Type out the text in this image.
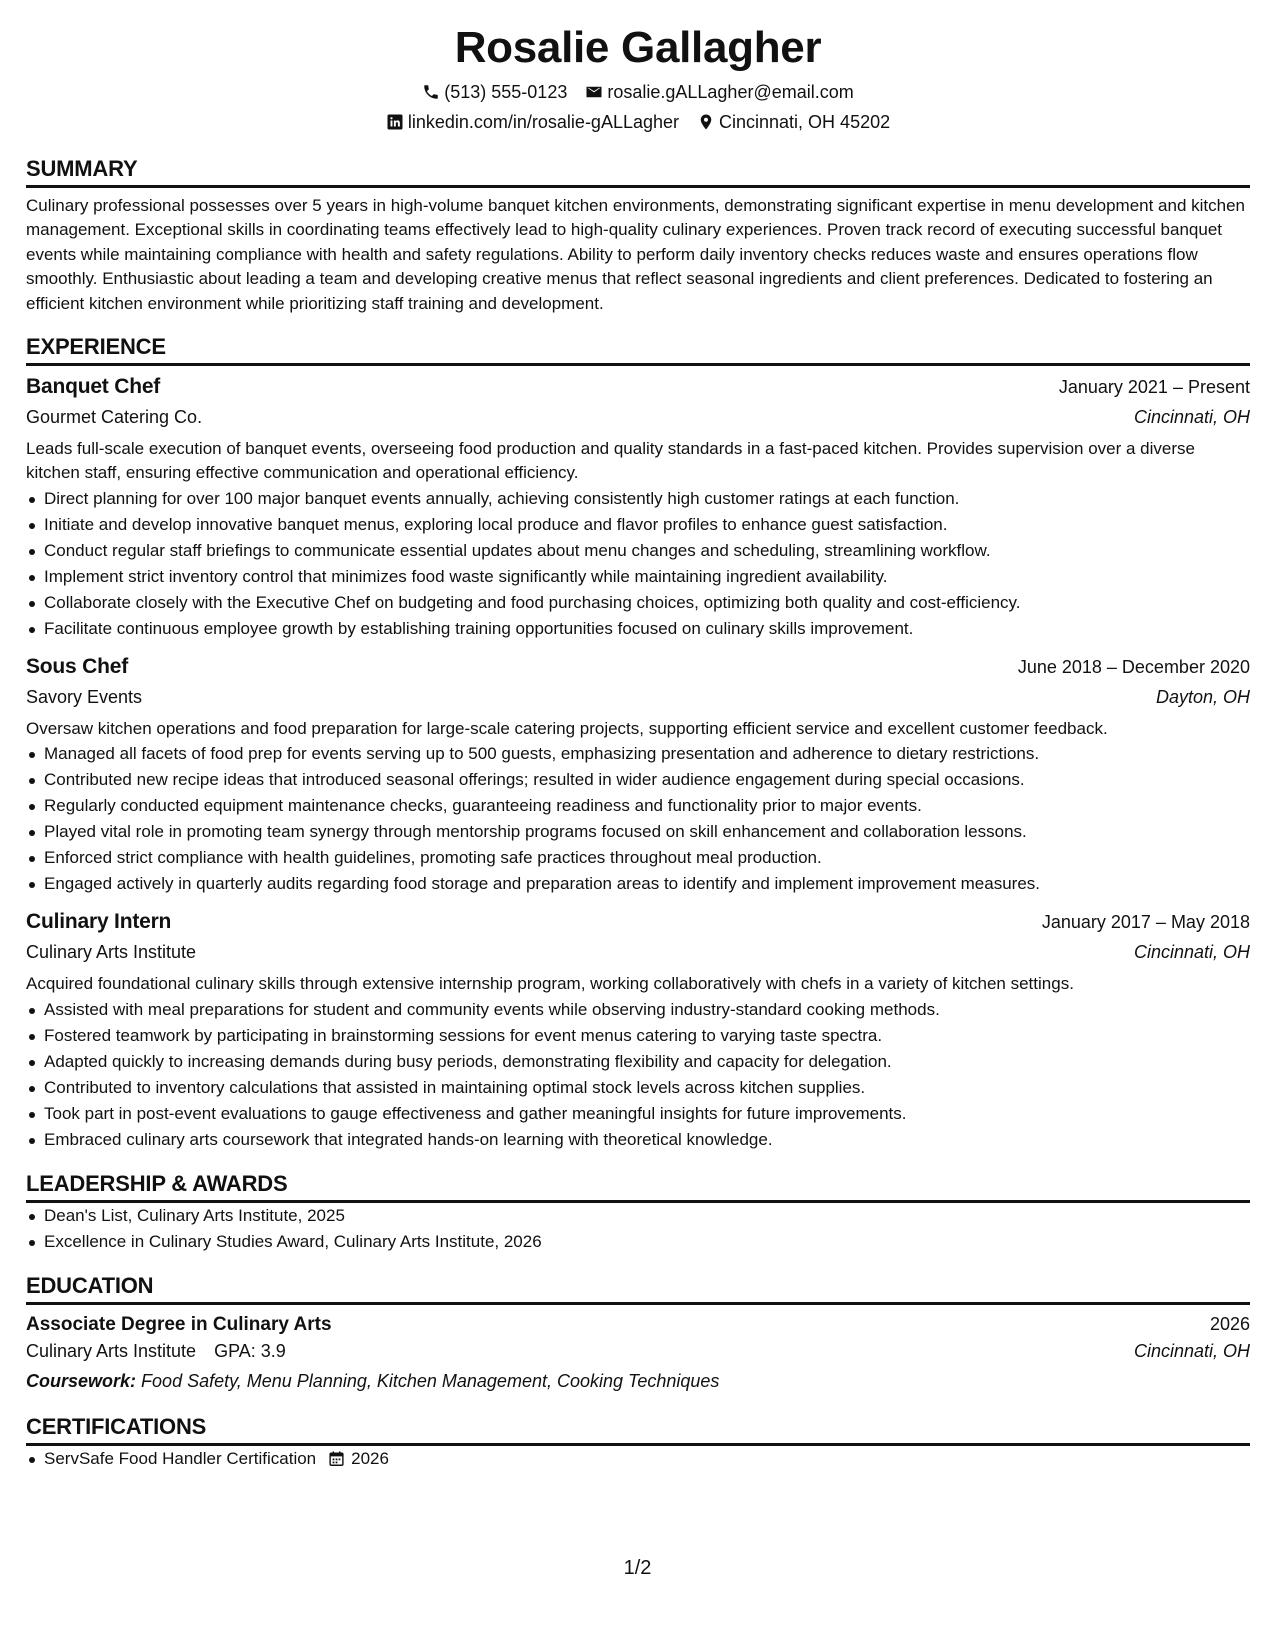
Rosalie Gallagher
(513) 555-0123 rosalie.gALLagher@email.com
linkedin.com/in/rosalie-gALLagher Cincinnati, OH 45202
SUMMARY

Culinary professional possesses over 5 years in high-volume banquet kitchen environments, demonstrating significant expertise in menu development and kitchen management. Exceptional skills in coordinating teams effectively lead to high-quality culinary experiences. Proven track record of executing successful banquet events while maintaining compliance with health and safety regulations. Ability to perform daily inventory checks reduces waste and ensures operations flow smoothly. Enthusiastic about leading a team and developing creative menus that reflect seasonal ingredients and client preferences. Dedicated to fostering an efficient kitchen environment while prioritizing staff training and development.

EXPERIENCE
Banquet Chef	January 2021 – Present
Gourmet Catering Co.	Cincinnati, OH
Leads full-scale execution of banquet events, overseeing food production and quality standards in a fast-paced kitchen. Provides supervision over a diverse kitchen staff, ensuring effective communication and operational efficiency.
Direct planning for over 100 major banquet events annually, achieving consistently high customer ratings at each function.
Initiate and develop innovative banquet menus, exploring local produce and flavor profiles to enhance guest satisfaction.
Conduct regular staff briefings to communicate essential updates about menu changes and scheduling, streamlining workflow.
Implement strict inventory control that minimizes food waste significantly while maintaining ingredient availability.
Collaborate closely with the Executive Chef on budgeting and food purchasing choices, optimizing both quality and cost-efficiency.
Facilitate continuous employee growth by establishing training opportunities focused on culinary skills improvement.
Sous Chef	June 2018 – December 2020
Savory Events	Dayton, OH
Oversaw kitchen operations and food preparation for large-scale catering projects, supporting efficient service and excellent customer feedback.
Managed all facets of food prep for events serving up to 500 guests, emphasizing presentation and adherence to dietary restrictions.
Contributed new recipe ideas that introduced seasonal offerings; resulted in wider audience engagement during special occasions.
Regularly conducted equipment maintenance checks, guaranteeing readiness and functionality prior to major events.
Played vital role in promoting team synergy through mentorship programs focused on skill enhancement and collaboration lessons.
Enforced strict compliance with health guidelines, promoting safe practices throughout meal production.
Engaged actively in quarterly audits regarding food storage and preparation areas to identify and implement improvement measures.
Culinary Intern	January 2017 – May 2018
Culinary Arts Institute	Cincinnati, OH
Acquired foundational culinary skills through extensive internship program, working collaboratively with chefs in a variety of kitchen settings.
Assisted with meal preparations for student and community events while observing industry-standard cooking methods.
Fostered teamwork by participating in brainstorming sessions for event menus catering to varying taste spectra.
Adapted quickly to increasing demands during busy periods, demonstrating flexibility and capacity for delegation.
Contributed to inventory calculations that assisted in maintaining optimal stock levels across kitchen supplies.
Took part in post-event evaluations to gauge effectiveness and gather meaningful insights for future improvements.
Embraced culinary arts coursework that integrated hands-on learning with theoretical knowledge.
LEADERSHIP & AWARDS
Dean's List, Culinary Arts Institute, 2025
Excellence in Culinary Studies Award, Culinary Arts Institute, 2026
EDUCATION
Associate Degree in Culinary Arts	2026
Culinary Arts Institute GPA: 3.9	Cincinnati, OH
Coursework: Food Safety, Menu Planning, Kitchen Management, Cooking Techniques
CERTIFICATIONS
ServSafe Food Handler Certification 2026
1/2
